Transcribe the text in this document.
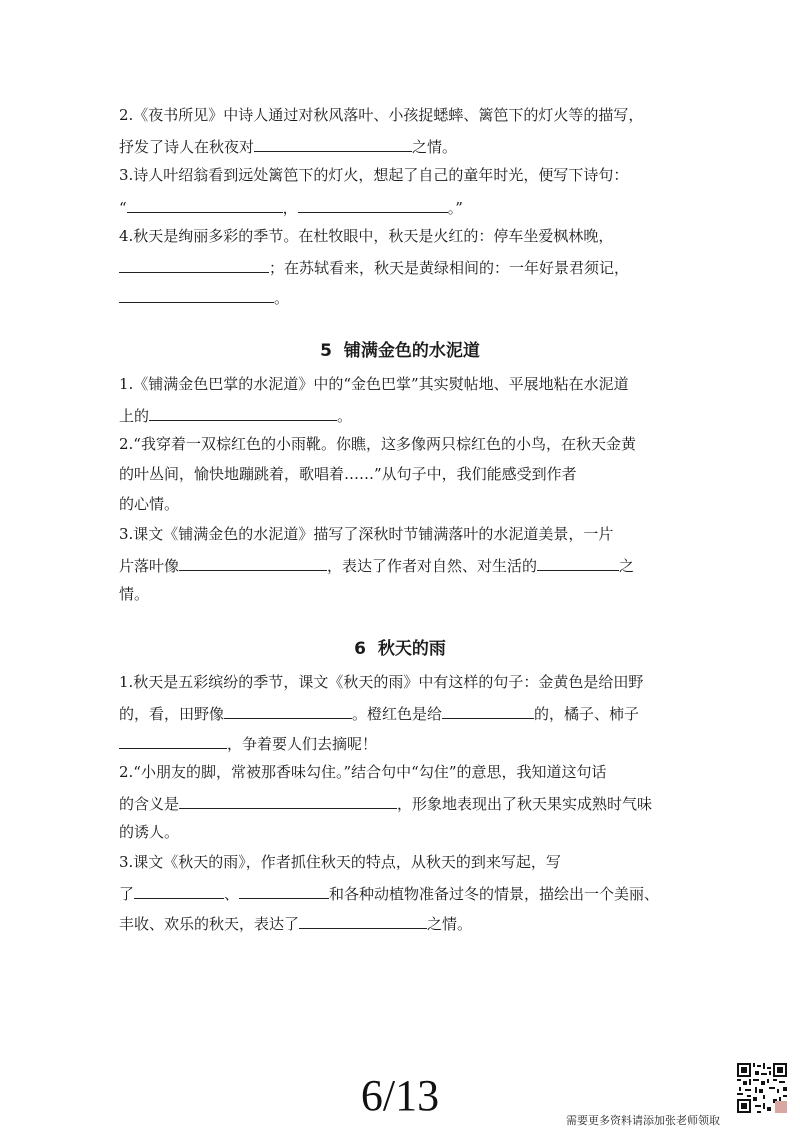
2.《夜书所见》中诗人通过对秋风落叶、小孩捉蟋蟀、篱笆下的灯火等的描写，
抒发了诗人在秋夜对	之情。
3.诗人叶绍翁看到远处篱笆下的灯火，想起了自己的童年时光，便写下诗句：
“	，	。”
4.秋天是绚丽多彩的季节。在杜牧眼中，秋天是火红的：停车坐爱枫林晚，
；在苏轼看来，秋天是黄绿相间的：一年好景君须记，
。
5 铺满金色的水泥道
1.《铺满金色巴掌的水泥道》中的“金色巴掌”其实熨帖地、平展地粘在水泥道
上的	。
2.“我穿着一双棕红色的小雨靴。你瞧，这多像两只棕红色的小鸟，在秋天金黄
的叶丛间，愉快地蹦跳着，歌唱着……”从句子中，我们能感受到作者
的心情。
3.课文《铺满金色的水泥道》描写了深秋时节铺满落叶的水泥道美景，一片
片落叶像	，表达了作者对自然、对生活的	之
情。
6 秋天的雨
1.秋天是五彩缤纷的季节，课文《秋天的雨》中有这样的句子：金黄色是给田野
的，看，田野像	。橙红色是给	的，橘子、柿子
，争着要人们去摘呢！
2.“小朋友的脚，常被那香味勾住。”结合句中“勾住”的意思，我知道这句话
的含义是	，形象地表现出了秋天果实成熟时气味
的诱人。
3.课文《秋天的雨》，作者抓住秋天的特点，从秋天的到来写起，写
了	、	和各种动植物准备过冬的情景，描绘出一个美丽、
丰收、欢乐的秋天，表达了	之情。
6/13
需要更多资料请添加张老师领取
